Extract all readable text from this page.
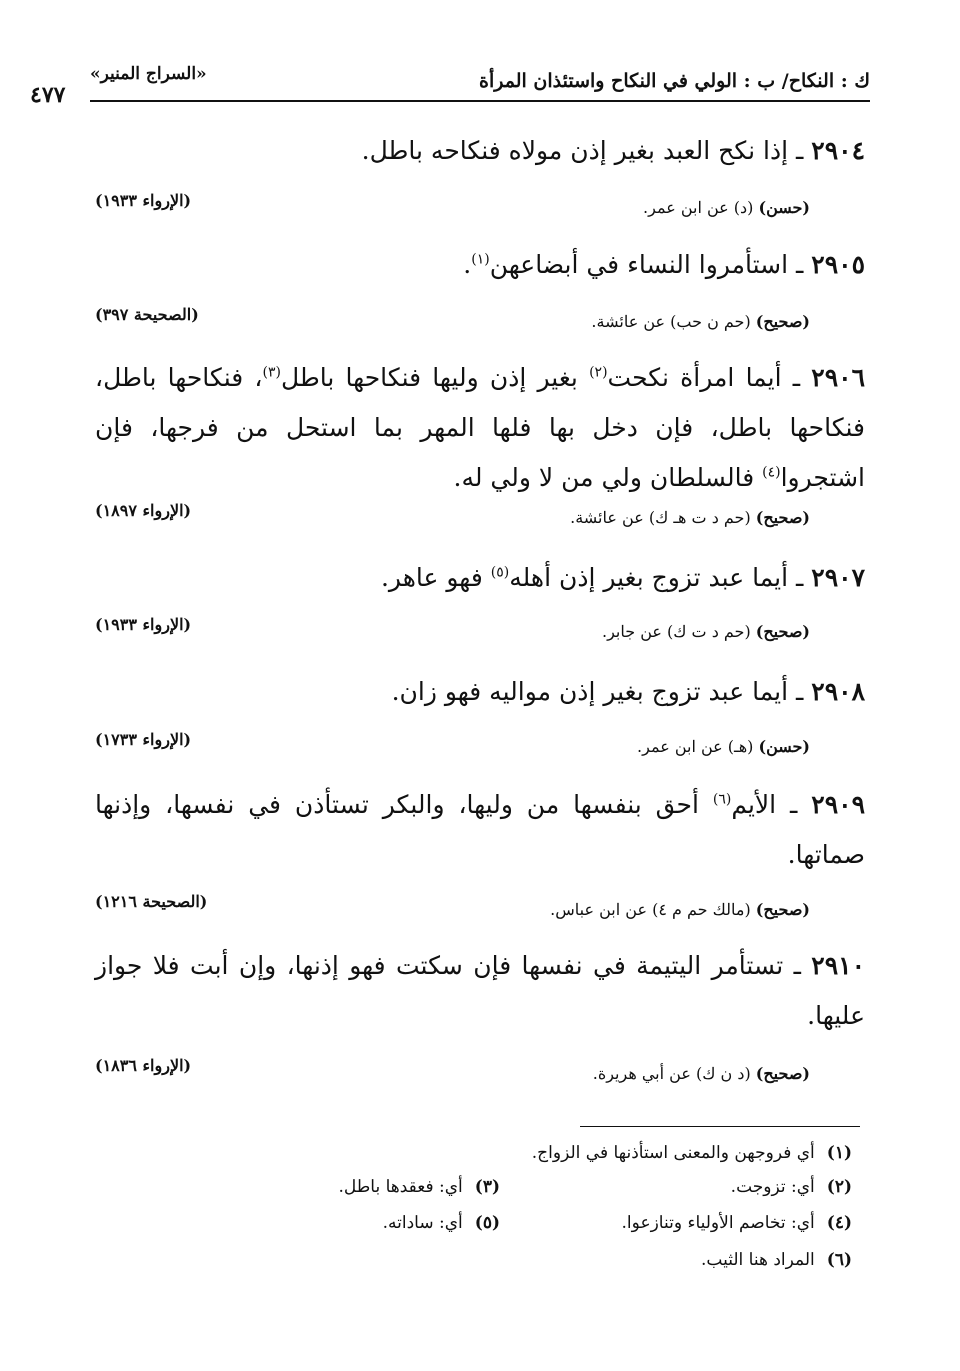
ك : النكاح/ ب : الولي في النكاح واستئذان المرأة
«السراج المنير»
٤٧٧
٢٩٠٤ ـ إذا نكح العبد بغير إذن مولاه فنكاحه باطل.
(حسن) (د) عن ابن عمر.
(الإرواء ١٩٣٣)
٢٩٠٥ ـ استأمروا النساء في أبضاعهن$^{(١)}$.
(صحيح) (حم ن حب) عن عائشة.
(الصحيحة ٣٩٧)
٢٩٠٦ ـ أيما امرأة نكحت$^{(٢)}$ بغير إذن وليها فنكاحها باطل$^{(٣)}$، فنكاحها باطل، فنكاحها باطل، فإن دخل بها فلها المهر بما استحل من فرجها، فإن اشتجروا$^{(٤)}$ فالسلطان ولي من لا ولي له.
(صحيح) (حم د ت هـ ك) عن عائشة.
(الإرواء ١٨٩٧)
٢٩٠٧ ـ أيما عبد تزوج بغير إذن أهله$^{(٥)}$ فهو عاهر.
(صحيح) (حم د ت ك) عن جابر.
(الإرواء ١٩٣٣)
٢٩٠٨ ـ أيما عبد تزوج بغير إذن مواليه فهو زان.
(حسن) (هـ) عن ابن عمر.
(الإرواء ١٧٣٣)
٢٩٠٩ ـ الأيم$^{(٦)}$ أحق بنفسها من وليها، والبكر تستأذن في نفسها، وإذنها صماتها.
(صحيح) (مالك حم م ٤) عن ابن عباس.
(الصحيحة ١٢١٦)
٢٩١٠ ـ تستأمر اليتيمة في نفسها فإن سكتت فهو إذنها، وإن أبت فلا جواز عليها.
(صحيح) (د ن ك) عن أبي هريرة.
(الإرواء ١٨٣٦)
(١)أي فروجهن والمعنى استأذنها في الزواج.
(٢)أي: تزوجت.
(٣)أي: فعقدها باطل.
(٤)أي: تخاصم الأولياء وتنازعوا.
(٥)أي: ساداته.
(٦)المراد هنا الثيب.
